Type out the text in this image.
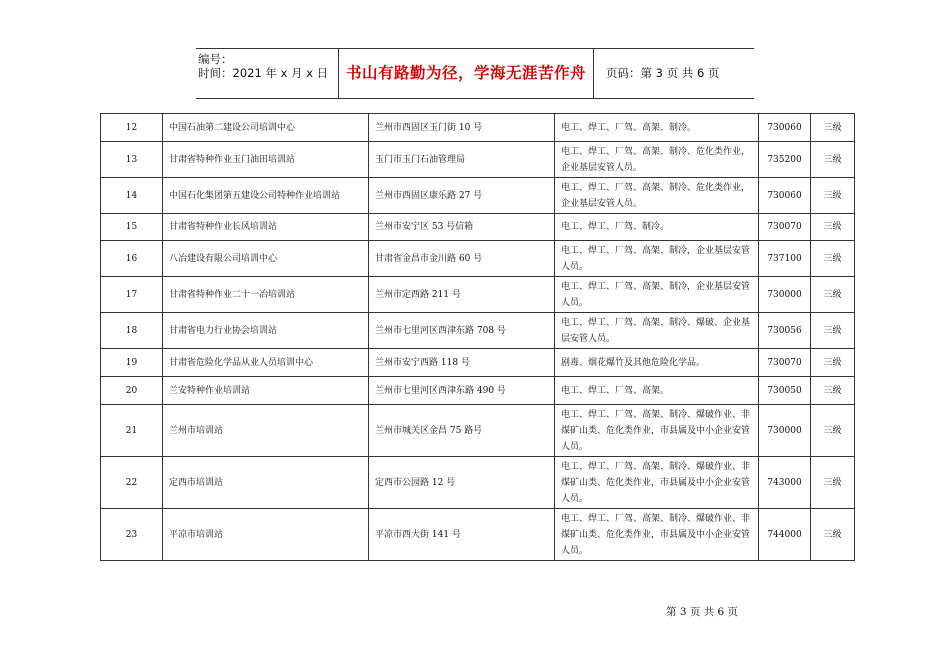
编号：
时间：2021 年 x 月 x 日	书山有路勤为径，学海无涯苦作舟	页码：第 3 页 共 6 页
12	中国石油第二建设公司培训中心	兰州市西固区玉门街 10 号	电工、焊工、厂驾、高架、制冷。	730060	三级
13	甘肃省特种作业玉门油田培训站	玉门市玉门石油管理局	电工、焊工、厂驾、高架、制冷、危化类作业，企业基层安管人员。	735200	三级
14	中国石化集团第五建设公司特种作业培训站	兰州市西固区康乐路 27 号	电工、焊工、厂驾、高架、制冷、危化类作业，企业基层安管人员。	730060	三级
15	甘肃省特种作业长风培训站	兰州市安宁区 53 号信箱	电工、焊工、厂驾、制冷。	730070	三级
16	八冶建设有限公司培训中心	甘肃省金昌市金川路 60 号	电工、焊工、厂驾、高架、制冷，企业基层安管人员。	737100	三级
17	甘肃省特种作业二十一冶培训站	兰州市定西路 211 号	电工、焊工、厂驾、高架、制冷，企业基层安管人员。	730000	三级
18	甘肃省电力行业协会培训站	兰州市七里河区西津东路 708 号	电工、焊工、厂驾、高架、制冷、爆破、企业基层安管人员。	730056	三级
19	甘肃省危险化学品从业人员培训中心	兰州市安宁西路 118 号	剧毒、烟花爆竹及其他危险化学品。	730070	三级
20	兰安特种作业培训站	兰州市七里河区西津东路 490 号	电工、焊工、厂驾、高架。	730050	三级
21	兰州市培训站	兰州市城关区金昌 75 路号	电工、焊工、厂驾、高架、制冷、爆破作业、非煤矿山类、危化类作业，市县属及中小企业安管人员。	730000	三级
22	定西市培训站	定西市公园路 12 号	电工、焊工、厂驾、高架、制冷、爆破作业、非煤矿山类、危化类作业，市县属及中小企业安管人员。	743000	三级
23	平凉市培训站	平凉市西大街 141 号	电工、焊工、厂驾、高架、制冷、爆破作业、非煤矿山类、危化类作业，市县属及中小企业安管人员。	744000	三级
第 3 页 共 6 页
